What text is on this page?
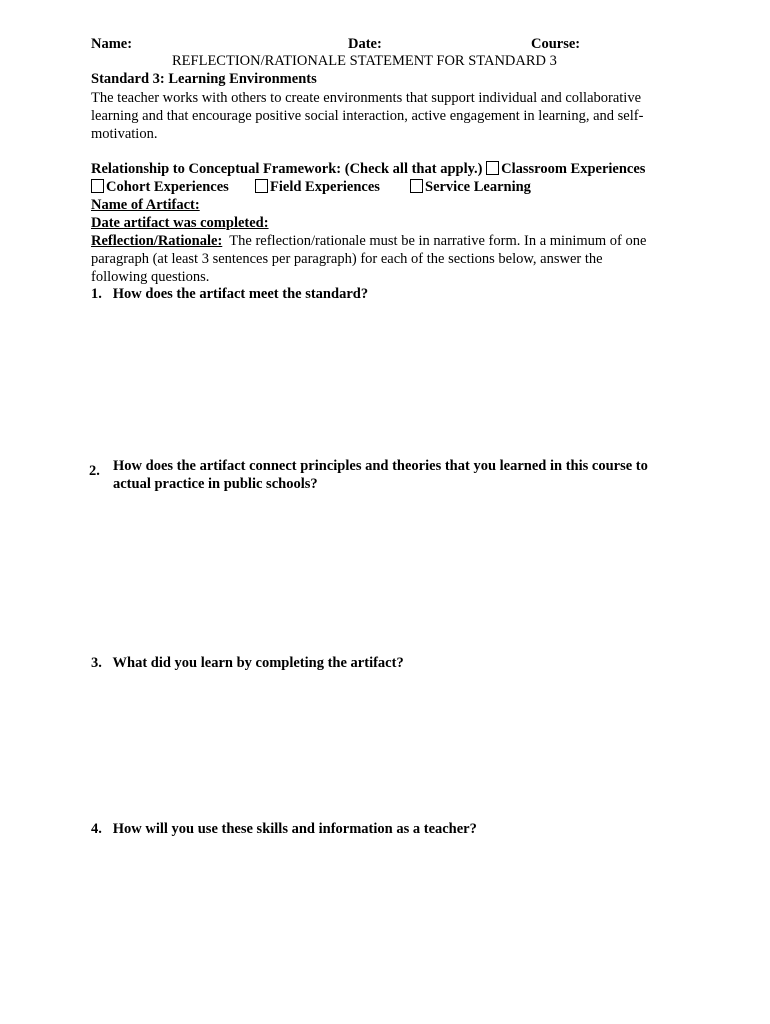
Name:	Date:	Course:
REFLECTION/RATIONALE STATEMENT FOR STANDARD 3
Standard 3: Learning Environments
The teacher works with others to create environments that support individual and collaborative
learning and that encourage positive social interaction, active engagement in learning, and self-
motivation.
Relationship to Conceptual Framework: (Check all that apply.) Classroom Experiences
Cohort Experiences	Field Experiences	Service Learning
Name of Artifact:
Date artifact was completed:
Reflection/Rationale: The reflection/rationale must be in narrative form. In a minimum of one
paragraph (at least 3 sentences per paragraph) for each of the sections below, answer the
following questions.
1. How does the artifact meet the standard?
2. How does the artifact connect principles and theories that you learned in this course to
actual practice in public schools?
3. What did you learn by completing the artifact?
4. How will you use these skills and information as a teacher?
